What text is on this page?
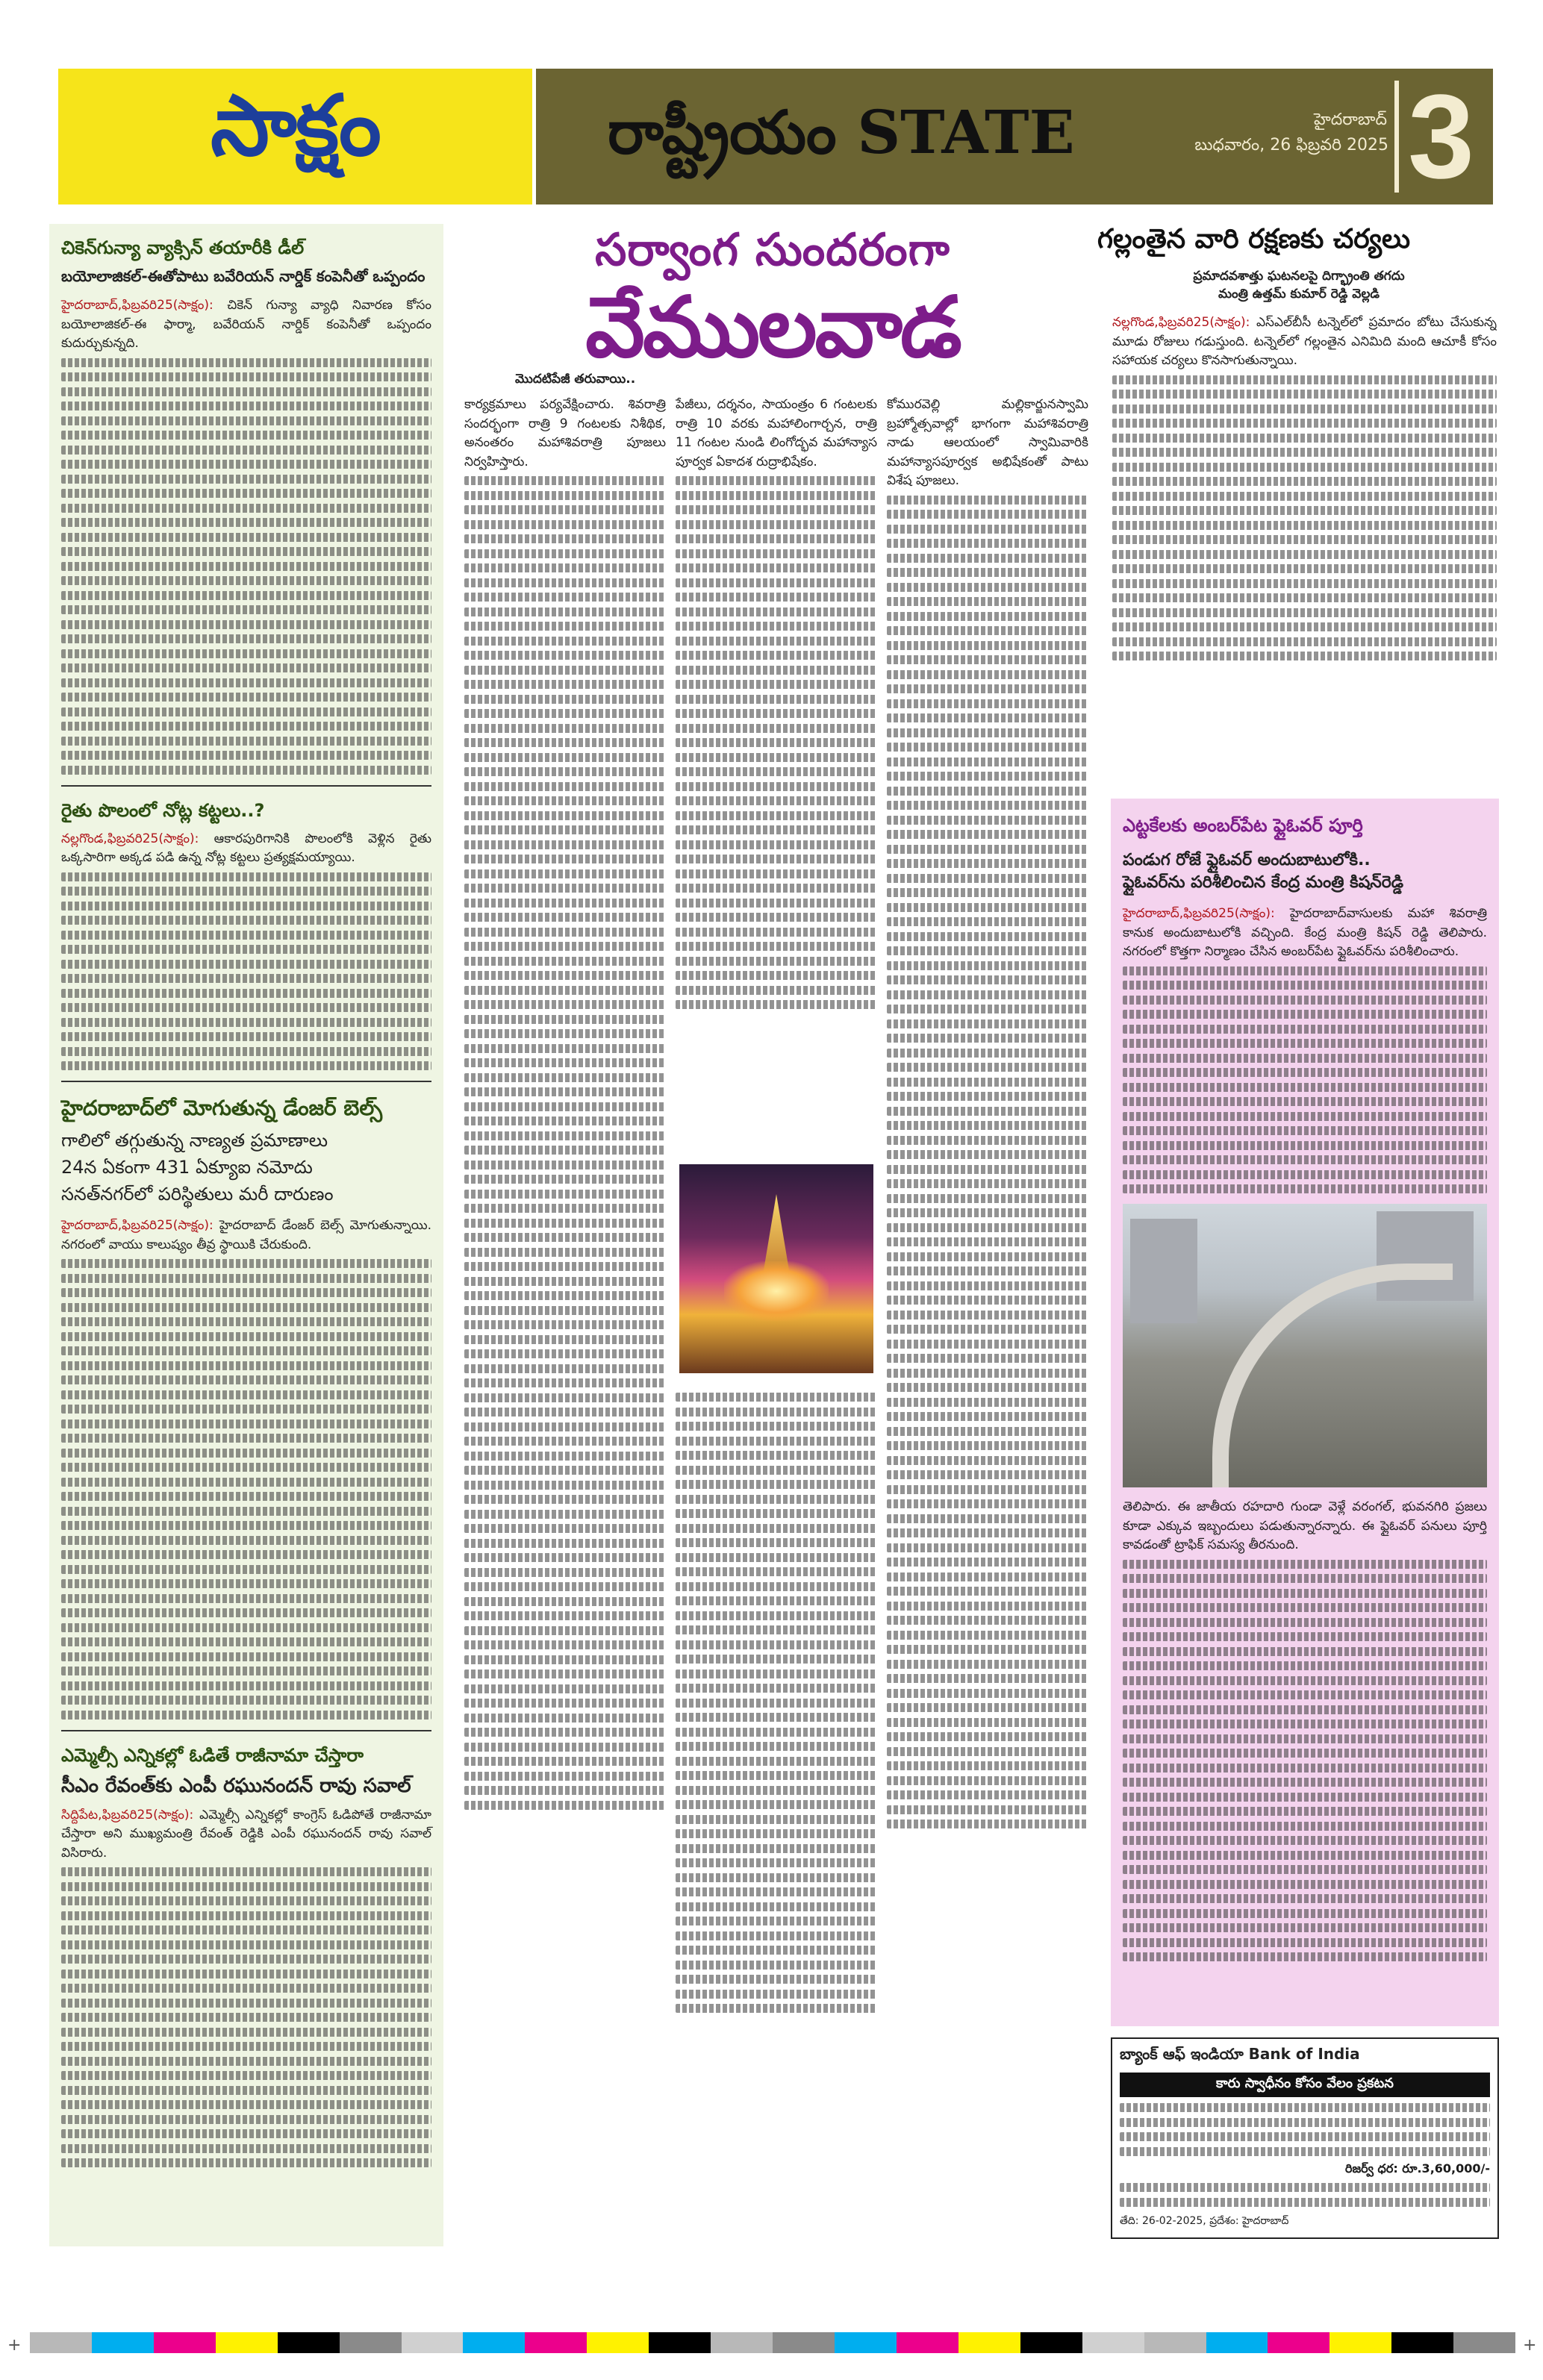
సాక్షం	రాష్ట్రీయం STATE	హైదరాబాద్
బుధవారం, 26 ఫిబ్రవరి 2025 3
చికెన్‌గున్యా వ్యాక్సిన్ తయారీకి డీల్
బయోలాజికల్-ఈతోపాటు బవేరియన్ నార్డిక్ కంపెనీతో ఒప్పందం
హైదరాబాద్,ఫిబ్రవరి25(సాక్షం): చికెన్ గున్యా వ్యాధి నివారణ కోసం బయోలాజికల్-ఈ ఫార్మా, బవేరియన్ నార్డిక్ కంపెనీతో ఒప్పందం కుదుర్చుకున్నది.
రైతు పొలంలో నోట్ల కట్టలు..?
నల్లగొండ,ఫిబ్రవరి25(సాక్షం): ఆకారపురిగానికి పొలంలోకి వెళ్లిన రైతు ఒక్కసారిగా అక్కడ పడి ఉన్న నోట్ల కట్టలు ప్రత్యక్షమయ్యాయి.
హైదరాబాద్‌లో మోగుతున్న డేంజర్ బెల్స్
గాలిలో తగ్గుతున్న నాణ్యత ప్రమాణాలు
24న ఏకంగా 431 ఏక్యూఐ నమోదు
సనత్‌నగర్‌లో పరిస్థితులు మరీ దారుణం
హైదరాబాద్,ఫిబ్రవరి25(సాక్షం): హైదరాబాద్ డేంజర్ బెల్స్ మోగుతున్నాయి. నగరంలో వాయు కాలుష్యం తీవ్ర స్థాయికి చేరుకుంది.
ఎమ్మెల్సీ ఎన్నికల్లో ఓడితే రాజీనామా చేస్తారా
సీఎం రేవంత్‌కు ఎంపీ రఘునందన్ రావు సవాల్
సిద్దిపేట,ఫిబ్రవరి25(సాక్షం): ఎమ్మెల్సీ ఎన్నికల్లో కాంగ్రెస్ ఓడిపోతే రాజీనామా చేస్తారా అని ముఖ్యమంత్రి రేవంత్ రెడ్డికి ఎంపీ రఘునందన్ రావు సవాల్ విసిరారు.
సర్వాంగ సుందరంగా
వేములవాడ
మొదటిపేజీ తరువాయి..
కార్యక్రమాలు పర్యవేక్షించారు. శివరాత్రి సందర్భంగా రాత్రి 9 గంటలకు నిశీథిక, అనంతరం మహాశివరాత్రి పూజలు నిర్వహిస్తారు.
పేజీలు, దర్శనం, సాయంత్రం 6 గంటలకు రాత్రి 10 వరకు మహాలింగార్చన, రాత్రి 11 గంటల నుండి లింగోద్భవ మహాన్యాస పూర్వక ఏకాదశ రుద్రాభిషేకం.
కోమురవెల్లి మల్లికార్జునస్వామి బ్రహ్మోత్సవాల్లో భాగంగా మహాశివరాత్రి నాడు ఆలయంలో స్వామివారికి మహాన్యాసపూర్వక అభిషేకంతో పాటు విశేష పూజలు.
గల్లంతైన వారి రక్షణకు చర్యలు
ప్రమాదవశాత్తు ఘటనలపై దిగ్భ్రాంతి తగదు
మంత్రి ఉత్తమ్ కుమార్ రెడ్డి వెల్లడి
నల్లగొండ,ఫిబ్రవరి25(సాక్షం): ఎస్ఎల్‌బీసీ టన్నెల్‌లో ప్రమాదం బోటు చేసుకున్న మూడు రోజులు గడుస్తుంది. టన్నెల్‌లో గల్లంతైన ఎనిమిది మంది ఆచూకీ కోసం సహాయక చర్యలు కొనసాగుతున్నాయి.
ఎట్టకేలకు అంబర్‌పేట ఫ్లైఓవర్ పూర్తి
పండుగ రోజే ఫ్లైఓవర్ అందుబాటులోకి..
ఫ్లైఓవర్‌ను పరిశీలించిన కేంద్ర మంత్రి కిషన్‌రెడ్డి
హైదరాబాద్,ఫిబ్రవరి25(సాక్షం): హైదరాబాద్‌వాసులకు మహా శివరాత్రి కానుక అందుబాటులోకి వచ్చింది. కేంద్ర మంత్రి కిషన్ రెడ్డి తెలిపారు. నగరంలో కొత్తగా నిర్మాణం చేసిన అంబర్‌పేట ఫ్లైఓవర్‌ను పరిశీలించారు.
తెలిపారు. ఈ జాతీయ రహదారి గుండా వెళ్లే వరంగల్, భువనగిరి ప్రజలు కూడా ఎక్కువ ఇబ్బందులు పడుతున్నారన్నారు. ఈ ఫ్లైఓవర్ పనులు పూర్తి కావడంతో ట్రాఫిక్ సమస్య తీరనుంది.
బ్యాంక్ ఆఫ్ ఇండియా Bank of India
కారు స్వాధీనం కోసం వేలం ప్రకటన
రిజర్వ్ ధర: రూ.3,60,000/-
తేది: 26-02-2025, ప్రదేశం: హైదరాబాద్
+	+
